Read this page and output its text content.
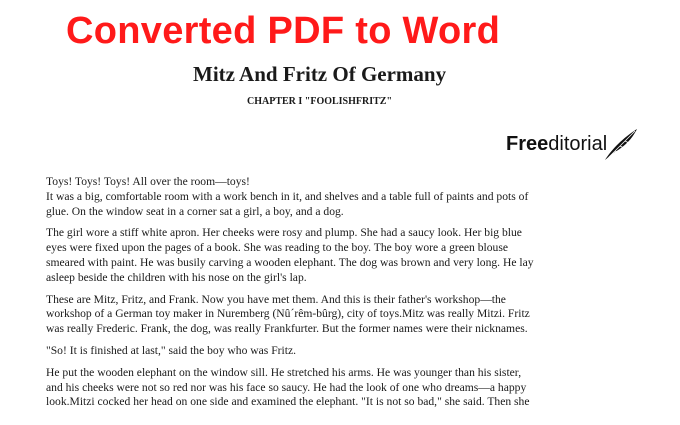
Converted PDF to Word
Mitz And Fritz Of Germany
CHAPTER I "FOOLISHFRITZ"
Freeditorial

Toys! Toys! Toys! All over the room—toys!

It was a big, comfortable room with a work bench in it, and shelves and a table full of paints and pots of
glue. On the window seat in a corner sat a girl, a boy, and a dog.

The girl wore a stiff white apron. Her cheeks were rosy and plump. She had a saucy look. Her big blue
eyes were fixed upon the pages of a book. She was reading to the boy. The boy wore a green blouse
smeared with paint. He was busily carving a wooden elephant. The dog was brown and very long. He lay
asleep beside the children with his nose on the girl's lap.

These are Mitz, Fritz, and Frank. Now you have met them. And this is their father's workshop—the
workshop of a German toy maker in Nuremberg (Nû´rêm-bûrg), city of toys.Mitz was really Mitzi. Fritz
was really Frederic. Frank, the dog, was really Frankfurter. But the former names were their nicknames.

"So! It is finished at last," said the boy who was Fritz.

He put the wooden elephant on the window sill. He stretched his arms. He was younger than his sister,
and his cheeks were not so red nor was his face so saucy. He had the look of one who dreams—a happy
look.Mitzi cocked her head on one side and examined the elephant. "It is not so bad," she said. Then she
